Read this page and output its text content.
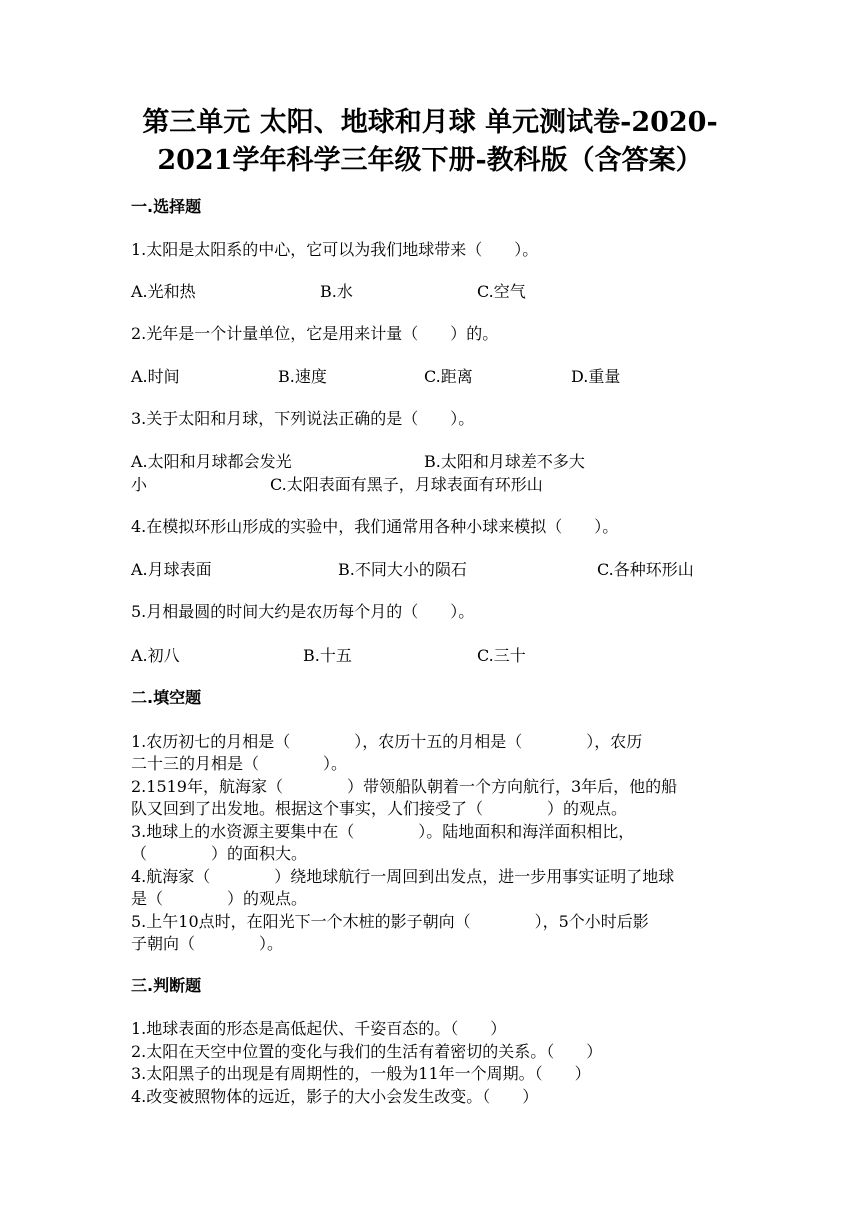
第三单元 太阳、地球和月球 单元测试卷-2020-
2021学年科学三年级下册-教科版（含答案）
一.选择题
1.太阳是太阳系的中心，它可以为我们地球带来（　　）。
A.光和热	B.水	C.空气
2.光年是一个计量单位，它是用来计量（　　）的。
A.时间	B.速度	C.距离	D.重量
3.关于太阳和月球，下列说法正确的是（　　）。
A.太阳和月球都会发光	B.太阳和月球差不多大
小	C.太阳表面有黑子，月球表面有环形山
4.在模拟环形山形成的实验中，我们通常用各种小球来模拟（　　）。
A.月球表面	B.不同大小的陨石	C.各种环形山
5.月相最圆的时间大约是农历每个月的（　　）。
A.初八	B.十五	C.三十
二.填空题
1.农历初七的月相是（　　　　），农历十五的月相是（　　　　），农历
二十三的月相是（　　　　）。
2.1519年，航海家（　　　　）带领船队朝着一个方向航行，3年后，他的船
队又回到了出发地。根据这个事实，人们接受了（　　　　）的观点。
3.地球上的水资源主要集中在（　　　　）。陆地面积和海洋面积相比，
（　　　　）的面积大。
4.航海家（　　　　）绕地球航行一周回到出发点，进一步用事实证明了地球
是（　　　　）的观点。
5.上午10点时，在阳光下一个木桩的影子朝向（　　　　），5个小时后影
子朝向（　　　　）。
三.判断题
1.地球表面的形态是高低起伏、千姿百态的。（　　）
2.太阳在天空中位置的变化与我们的生活有着密切的关系。（　　）
3.太阳黑子的出现是有周期性的，一般为11年一个周期。（　　）
4.改变被照物体的远近，影子的大小会发生改变。（　　）
